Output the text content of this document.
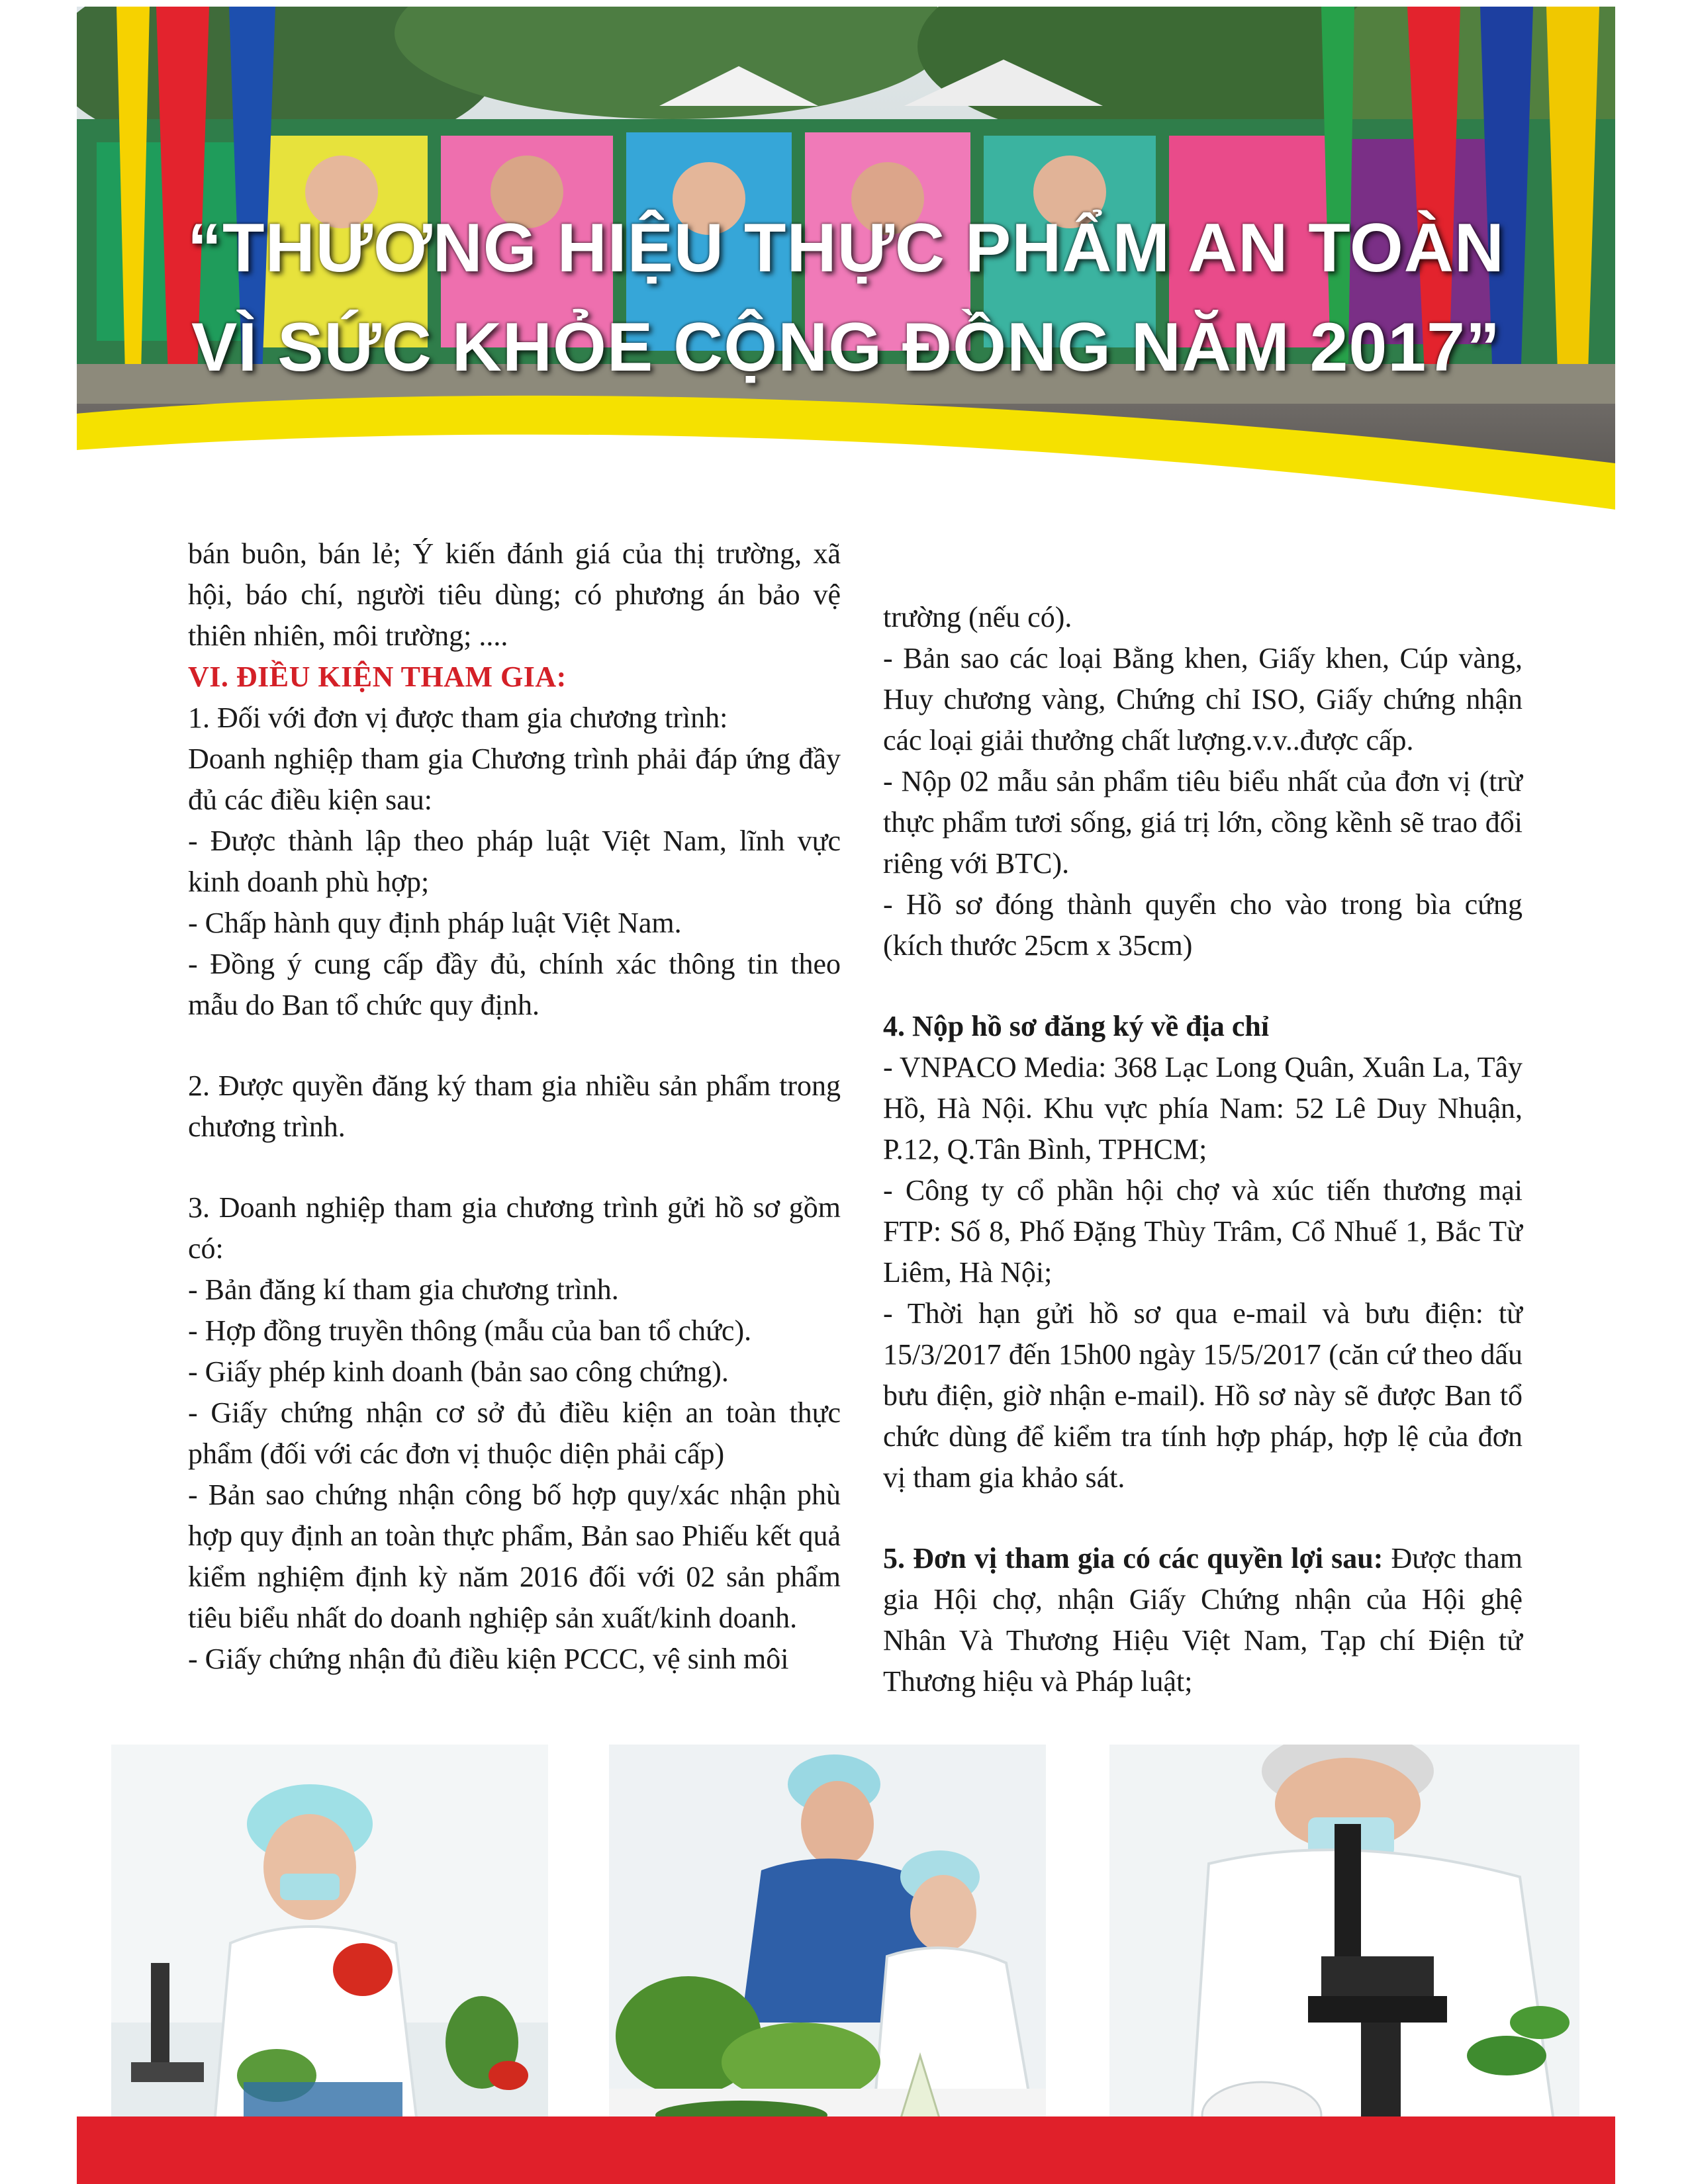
“THƯƠNG HIỆU THỰC PHẨM AN TOÀN
VÌ SỨC KHỎE CỘNG ĐỒNG NĂM 2017”

bán buôn, bán lẻ; Ý kiến đánh giá của thị trường, xã hội, báo chí, người tiêu dùng; có phương án bảo vệ thiên nhiên, môi trường; ....

VI. ĐIỀU KIỆN THAM GIA:

1. Đối với đơn vị được tham gia chương trình:

Doanh nghiệp tham gia Chương trình phải đáp ứng đầy đủ các điều kiện sau:

- Được thành lập theo pháp luật Việt Nam, lĩnh vực kinh doanh phù hợp;

- Chấp hành quy định pháp luật Việt Nam.

- Đồng ý cung cấp đầy đủ, chính xác thông tin theo mẫu do Ban tổ chức quy định.

2. Được quyền đăng ký tham gia nhiều sản phẩm trong chương trình.

3. Doanh nghiệp tham gia chương trình gửi hồ sơ gồm có:

- Bản đăng kí tham gia chương trình.

- Hợp đồng truyền thông (mẫu của ban tổ chức).

- Giấy phép kinh doanh (bản sao công chứng).

- Giấy chứng nhận cơ sở đủ điều kiện an toàn thực phẩm (đối với các đơn vị thuộc diện phải cấp)

- Bản sao chứng nhận công bố hợp quy/xác nhận phù hợp quy định an toàn thực phẩm, Bản sao Phiếu kết quả kiểm nghiệm định kỳ năm 2016 đối với 02 sản phẩm tiêu biểu nhất do doanh nghiệp sản xuất/kinh doanh.

- Giấy chứng nhận đủ điều kiện PCCC, vệ sinh môi

trường (nếu có).

- Bản sao các loại Bằng khen, Giấy khen, Cúp vàng, Huy chương vàng, Chứng chỉ ISO, Giấy chứng nhận các loại giải thưởng chất lượng.v.v..được cấp.

- Nộp 02 mẫu sản phẩm tiêu biểu nhất của đơn vị (trừ thực phẩm tươi sống, giá trị lớn, cồng kềnh sẽ trao đổi riêng với BTC).

- Hồ sơ đóng thành quyển cho vào trong bìa cứng (kích thước 25cm x 35cm)

4. Nộp hồ sơ đăng ký về địa chỉ

- VNPACO Media: 368 Lạc Long Quân, Xuân La, Tây Hồ, Hà Nội. Khu vực phía Nam: 52 Lê Duy Nhuận, P.12, Q.Tân Bình, TPHCM;

- Công ty cổ phần hội chợ và xúc tiến thương mại FTP: Số 8, Phố Đặng Thùy Trâm, Cổ Nhuế 1, Bắc Từ Liêm, Hà Nội;

- Thời hạn gửi hồ sơ qua e-mail và bưu điện: từ 15/3/2017 đến 15h00 ngày 15/5/2017 (căn cứ theo dấu bưu điện, giờ nhận e-mail). Hồ sơ này sẽ được Ban tổ chức dùng để kiểm tra tính hợp pháp, hợp lệ của đơn vị tham gia khảo sát.

5. Đơn vị tham gia có các quyền lợi sau: Được tham gia Hội chợ, nhận Giấy Chứng nhận của Hội ghệ Nhân Và Thương Hiệu Việt Nam, Tạp chí Điện tử Thương hiệu và Pháp luật;
